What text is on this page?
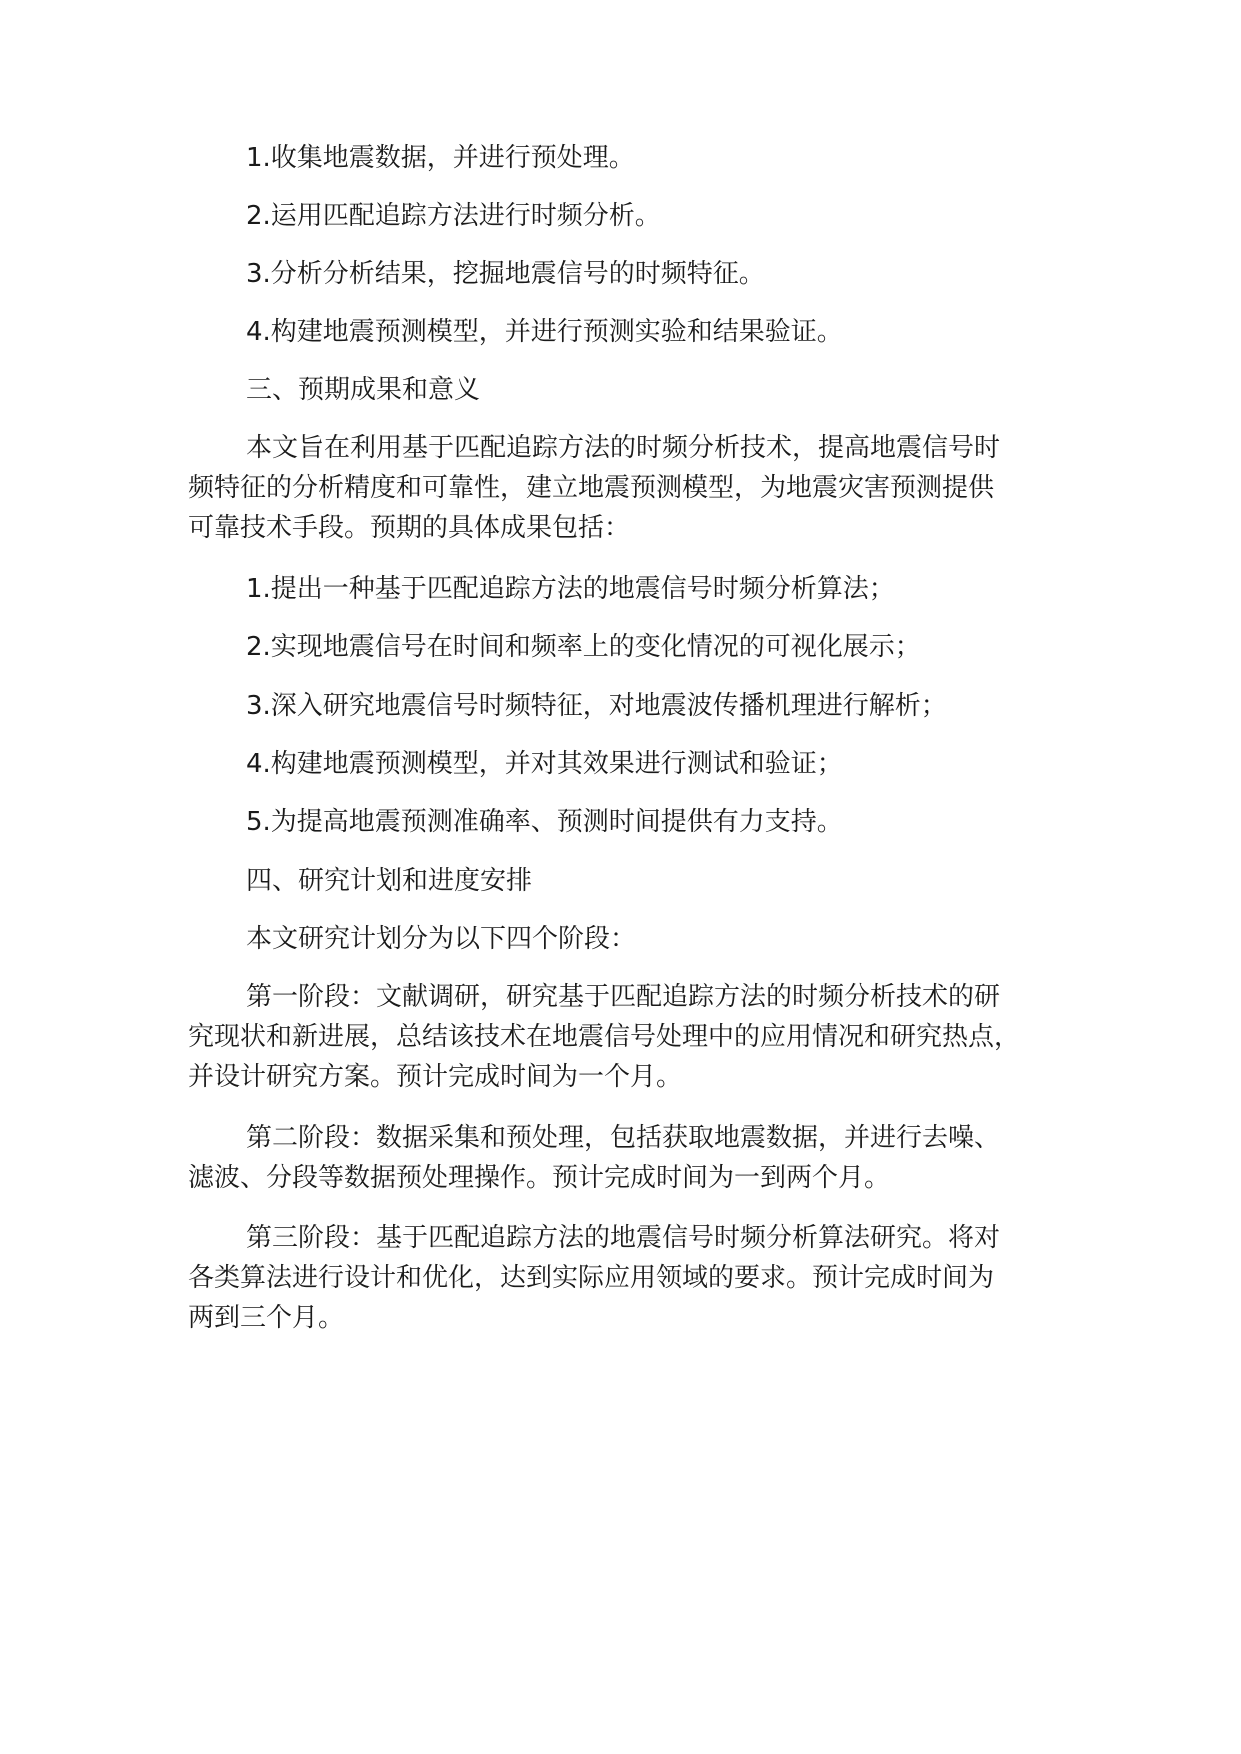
1.收集地震数据，并进行预处理。

2.运用匹配追踪方法进行时频分析。

3.分析分析结果，挖掘地震信号的时频特征。

4.构建地震预测模型，并进行预测实验和结果验证。

三、预期成果和意义

本文旨在利用基于匹配追踪方法的时频分析技术，提高地震信号时
频特征的分析精度和可靠性，建立地震预测模型，为地震灾害预测提供
可靠技术手段。预期的具体成果包括：

1.提出一种基于匹配追踪方法的地震信号时频分析算法；

2.实现地震信号在时间和频率上的变化情况的可视化展示；

3.深入研究地震信号时频特征，对地震波传播机理进行解析；

4.构建地震预测模型，并对其效果进行测试和验证；

5.为提高地震预测准确率、预测时间提供有力支持。

四、研究计划和进度安排

本文研究计划分为以下四个阶段：

第一阶段：文献调研，研究基于匹配追踪方法的时频分析技术的研
究现状和新进展，总结该技术在地震信号处理中的应用情况和研究热点，
并设计研究方案。预计完成时间为一个月。

第二阶段：数据采集和预处理，包括获取地震数据，并进行去噪、
滤波、分段等数据预处理操作。预计完成时间为一到两个月。

第三阶段：基于匹配追踪方法的地震信号时频分析算法研究。将对
各类算法进行设计和优化，达到实际应用领域的要求。预计完成时间为
两到三个月。
